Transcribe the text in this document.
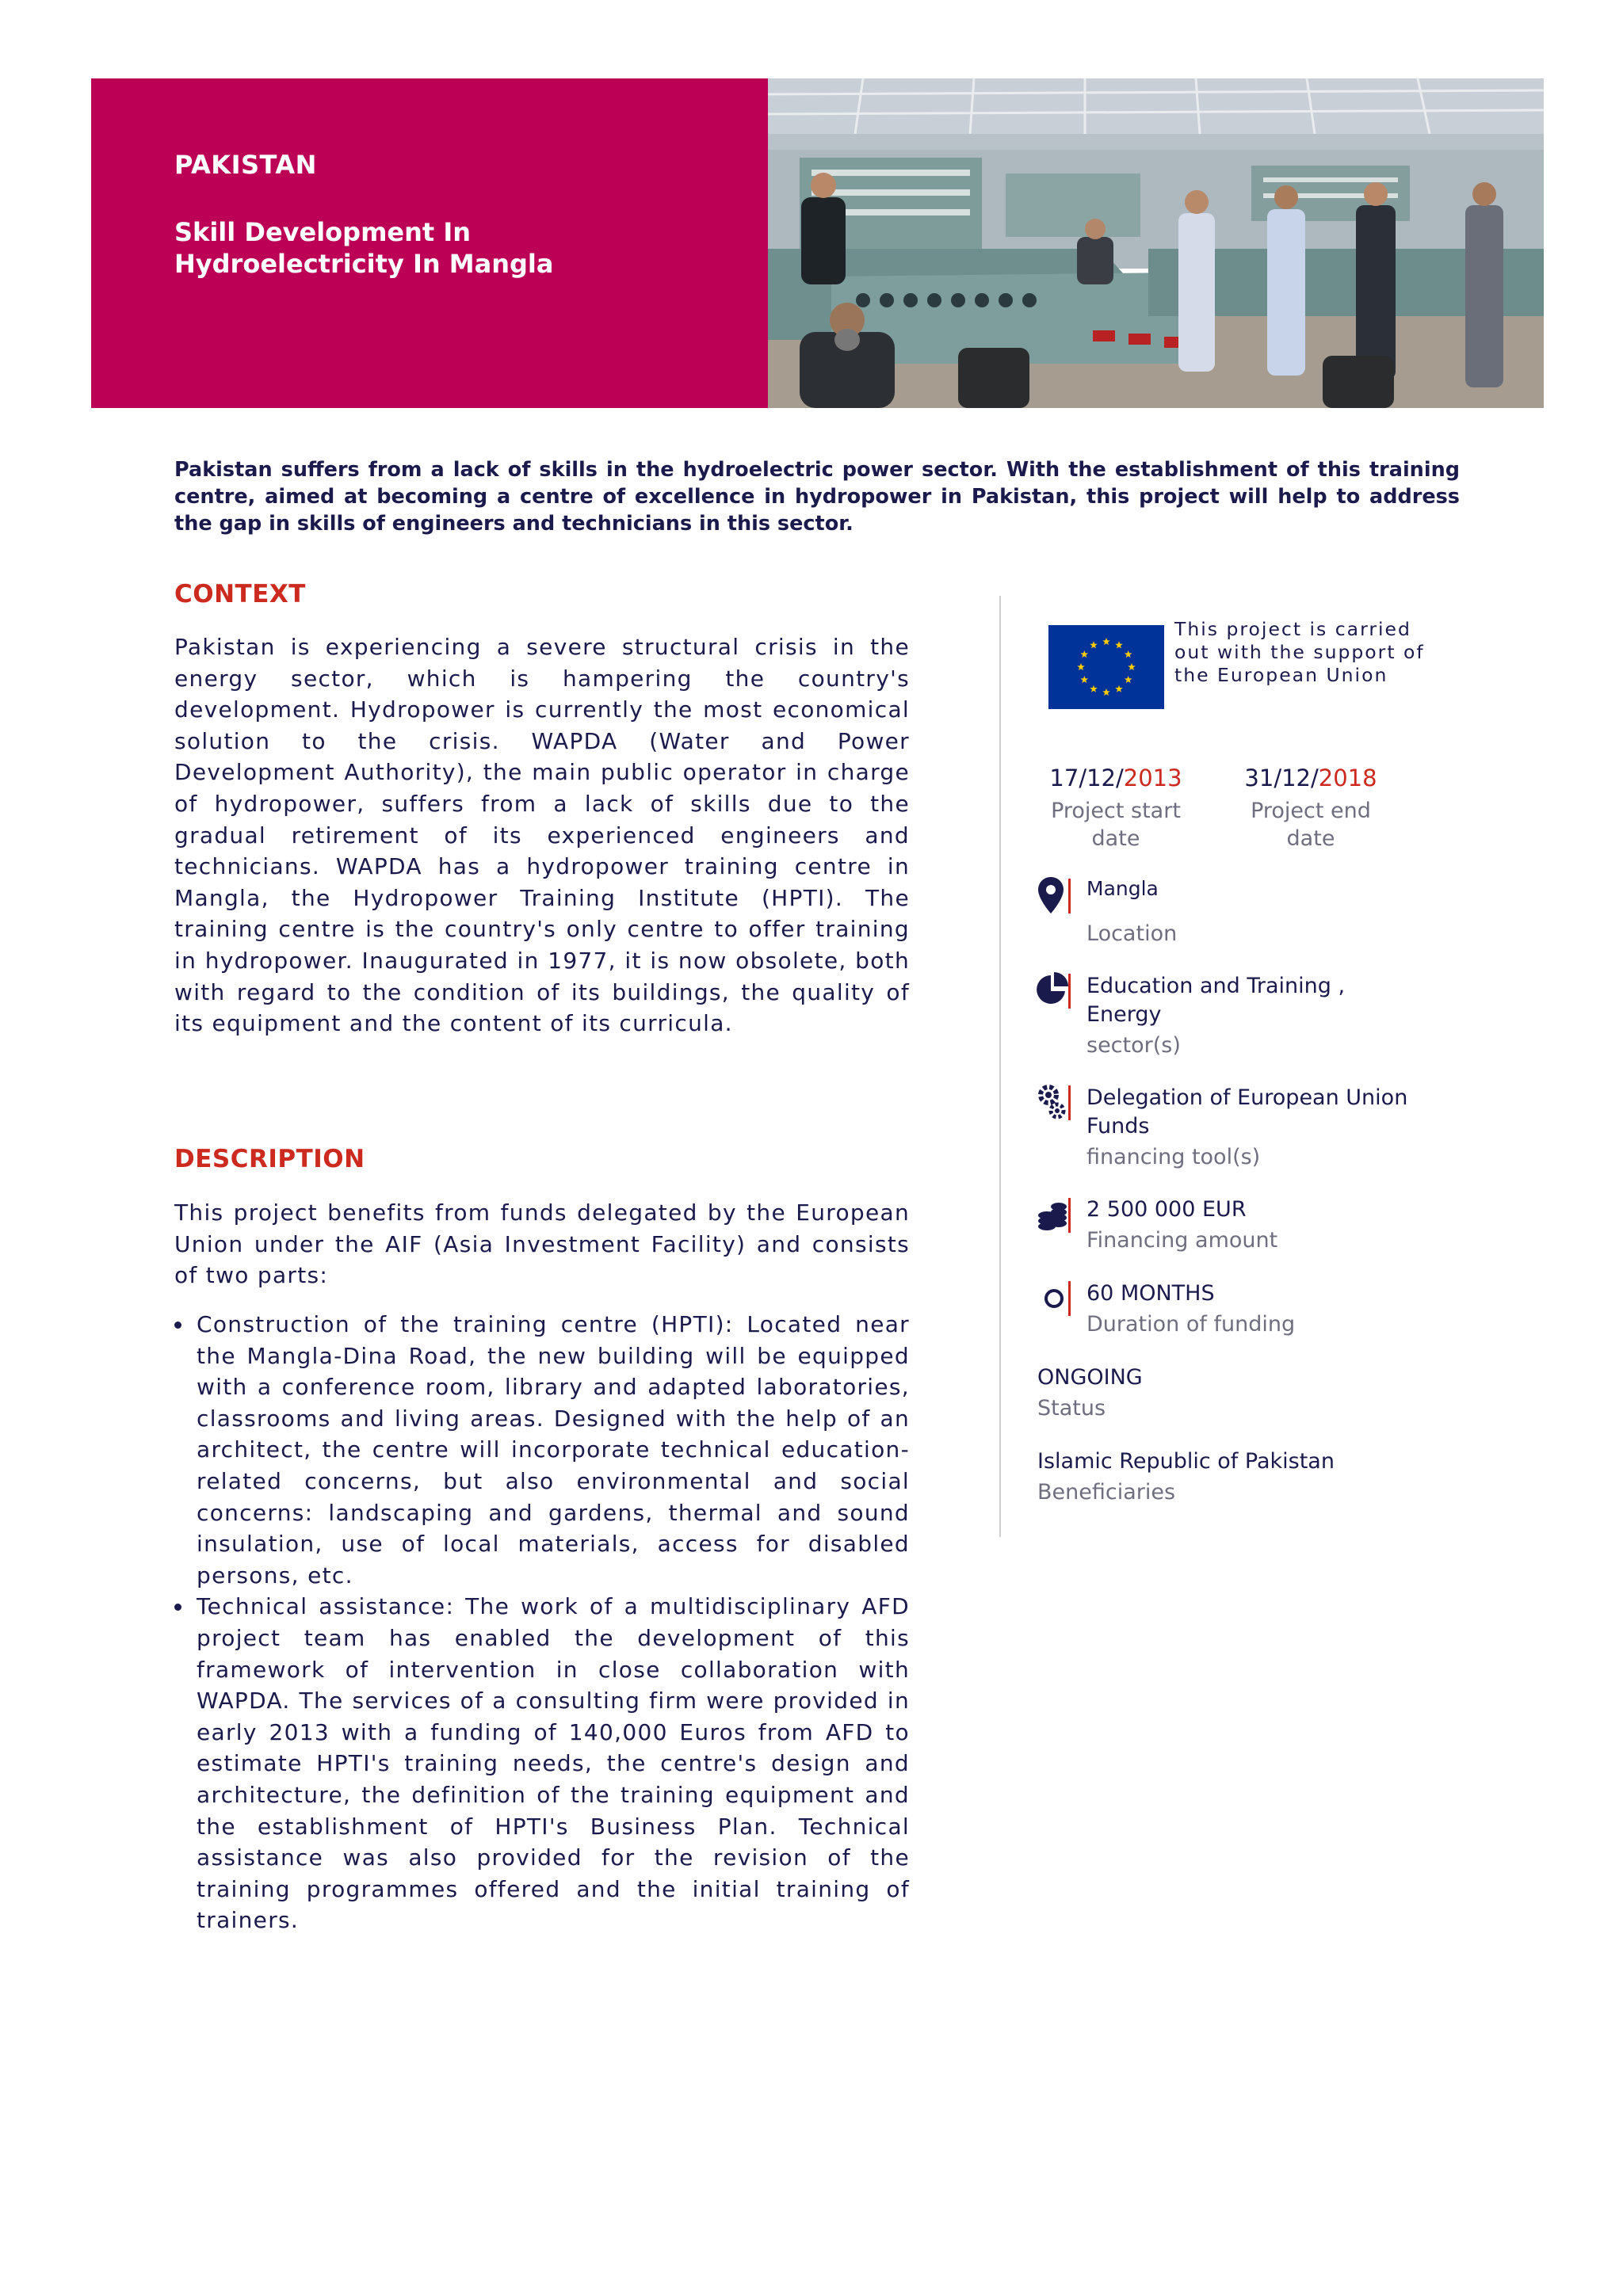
PAKISTAN
Skill Development In Hydroelectricity In Mangla

Pakistan suffers from a lack of skills in the hydroelectric power sector. With the establishment of this training centre, aimed at becoming a centre of excellence in hydropower in Pakistan, this project will help to address the gap in skills of engineers and technicians in this sector.

CONTEXT

Pakistan is experiencing a severe structural crisis in the energy sector, which is hampering the country's development. Hydropower is currently the most economical solution to the crisis. WAPDA (Water and Power Development Authority), the main public operator in charge of hydropower, suffers from a lack of skills due to the gradual retirement of its experienced engineers and technicians. WAPDA has a hydropower training centre in Mangla, the Hydropower Training Institute (HPTI). The training centre is the country's only centre to offer training in hydropower. Inaugurated in 1977, it is now obsolete, both with regard to the condition of its buildings, the quality of its equipment and the content of its curricula.

DESCRIPTION

This project benefits from funds delegated by the European Union under the AIF (Asia Investment Facility) and consists of two parts:

Construction of the training centre (HPTI): Located near the Mangla-Dina Road, the new building will be equipped with a conference room, library and adapted laboratories, classrooms and living areas. Designed with the help of an architect, the centre will incorporate technical education-related concerns, but also environmental and social concerns: landscaping and gardens, thermal and sound insulation, use of local materials, access for disabled persons, etc.
Technical assistance: The work of a multidisciplinary AFD project team has enabled the development of this framework of intervention in close collaboration with WAPDA. The services of a consulting firm were provided in early 2013 with a funding of 140,000 Euros from AFD to estimate HPTI's training needs, the centre's design and architecture, the definition of the training equipment and the establishment of HPTI's Business Plan. Technical assistance was also provided for the revision of the training programmes offered and the initial training of trainers.

This project is carried out with the support of the European Union

17/12/2013

Project start date

31/12/2018

Project end date

Mangla

Location

Education and Training , Energy

sector(s)

Delegation of European Union Funds

financing tool(s)

2 500 000 EUR

Financing amount

60 MONTHS

Duration of funding

ONGOING

Status

Islamic Republic of Pakistan

Beneficiaries
